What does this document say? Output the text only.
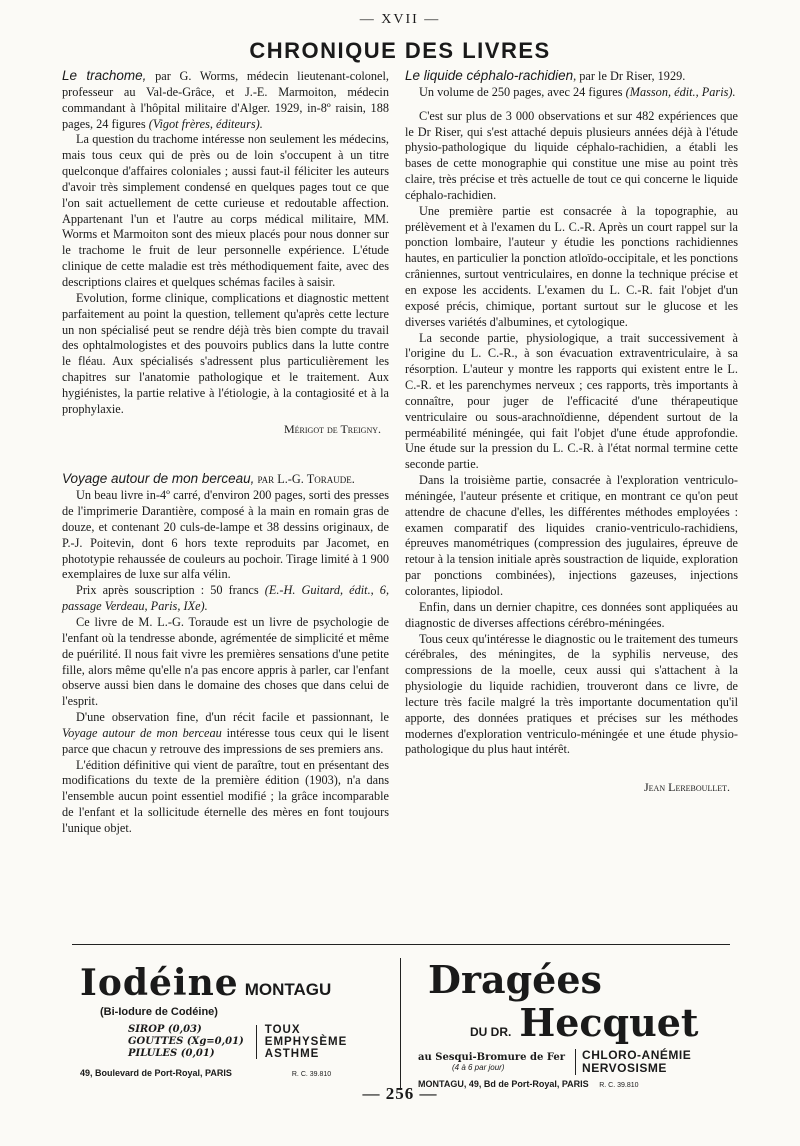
— XVII —
CHRONIQUE DES LIVRES

Le trachome, par G. Worms, médecin lieutenant-colonel, professeur au Val-de-Grâce, et J.-E. Marmoiton, médecin commandant à l'hôpital militaire d'Alger. 1929, in-8º raisin, 188 pages, 24 figures (Vigot frères, éditeurs).

La question du trachome intéresse non seulement les médecins, mais tous ceux qui de près ou de loin s'occupent à un titre quelconque d'affaires coloniales ; aussi faut-il féliciter les auteurs d'avoir très simplement condensé en quelques pages tout ce que l'on sait actuellement de cette curieuse et redoutable affection. Appartenant l'un et l'autre au corps médical militaire, MM. Worms et Marmoiton sont des mieux placés pour nous donner sur le trachome le fruit de leur personnelle expérience. L'étude clinique de cette maladie est très méthodiquement faite, avec des descriptions claires et quelques schémas faciles à saisir.

Evolution, forme clinique, complications et diagnostic mettent parfaitement au point la question, tellement qu'après cette lecture un non spécialisé peut se rendre déjà très bien compte du travail des ophtalmologistes et des pouvoirs publics dans la lutte contre le fléau. Aux spécialisés s'adressent plus particulièrement les chapitres sur l'anatomie pathologique et le traitement. Aux hygiénistes, la partie relative à l'étiologie, à la contagiosité et à la prophylaxie.

Mérigot de Treigny.

Voyage autour de mon berceau, par L.-G. Toraude.

Un beau livre in-4º carré, d'environ 200 pages, sorti des presses de l'imprimerie Darantière, composé à la main en romain gras de douze, et contenant 20 culs-de-lampe et 38 dessins originaux, de P.-J. Poitevin, dont 6 hors texte reproduits par Jacomet, en phototypie rehaussée de couleurs au pochoir. Tirage limité à 1 900 exemplaires de luxe sur alfa vélin.

Prix après souscription : 50 francs (E.-H. Guitard, édit., 6, passage Verdeau, Paris, IXe).

Ce livre de M. L.-G. Toraude est un livre de psychologie de l'enfant où la tendresse abonde, agrémentée de simplicité et même de puérilité. Il nous fait vivre les premières sensations d'une petite fille, alors même qu'elle n'a pas encore appris à parler, car l'enfant observe aussi bien dans le domaine des choses que dans celui de l'esprit.

D'une observation fine, d'un récit facile et passionnant, le Voyage autour de mon berceau intéresse tous ceux qui le lisent parce que chacun y retrouve des impressions de ses premiers ans.

L'édition définitive qui vient de paraître, tout en présentant des modifications du texte de la première édition (1903), n'a dans l'ensemble aucun point essentiel modifié ; la grâce incomparable de l'enfant et la sollicitude éternelle des mères en font toujours l'unique objet.

Le liquide céphalo-rachidien, par le Dr Riser, 1929.

Un volume de 250 pages, avec 24 figures (Masson, édit., Paris).

C'est sur plus de 3 000 observations et sur 482 expériences que le Dr Riser, qui s'est attaché depuis plusieurs années déjà à l'étude physio-pathologique du liquide céphalo-rachidien, a établi les bases de cette monographie qui constitue une mise au point très claire, très précise et très actuelle de tout ce qui concerne le liquide céphalo-rachidien.

Une première partie est consacrée à la topographie, au prélèvement et à l'examen du L. C.-R. Après un court rappel sur la ponction lombaire, l'auteur y étudie les ponctions rachidiennes hautes, en particulier la ponction atloïdo-occipitale, et les ponctions crâniennes, surtout ventriculaires, en donne la technique précise et en expose les accidents. L'examen du L. C.-R. fait l'objet d'un exposé précis, chimique, portant surtout sur le glucose et les diverses variétés d'albumines, et cytologique.

La seconde partie, physiologique, a trait successivement à l'origine du L. C.-R., à son évacuation extraventriculaire, à sa résorption. L'auteur y montre les rapports qui existent entre le L. C.-R. et les parenchymes nerveux ; ces rapports, très importants à connaître, pour juger de l'efficacité d'une thérapeutique ventriculaire ou sous-arachnoïdienne, dépendent surtout de la perméabilité méningée, qui fait l'objet d'une étude approfondie. Une étude sur la pression du L. C.-R. à l'état normal termine cette seconde partie.

Dans la troisième partie, consacrée à l'exploration ventriculo-méningée, l'auteur présente et critique, en montrant ce qu'on peut attendre de chacune d'elles, les différentes méthodes employées : examen comparatif des liquides cranio-ventriculo-rachidiens, épreuves manométriques (compression des jugulaires, épreuve de retour à la tension initiale après soustraction de liquide, exploration par ponctions combinées), injections gazeuses, injections colorantes, lipiodol.

Enfin, dans un dernier chapitre, ces données sont appliquées au diagnostic de diverses affections cérébro-méningées.

Tous ceux qu'intéresse le diagnostic ou le traitement des tumeurs cérébrales, des méningites, de la syphilis nerveuse, des compressions de la moelle, ceux aussi qui s'attachent à la physiologie du liquide rachidien, trouveront dans ce livre, de lecture très facile malgré la très importante documentation qu'il apporte, des données pratiques et précises sur les méthodes modernes d'exploration ventriculo-méningée et une étude physio-pathologique du plus haut intérêt.

Jean Lereboullet.
Iodéine MONTAGU
(Bi-Iodure de Codéine)
SIROP (0,03)
GOUTTES (Xg=0,01)
PILULES (0,01)
TOUX
EMPHYSÈME
ASTHME
49, Boulevard de Port-Royal, PARIS	R. C. 39.810
Dragées
DU DR. Hecquet
au Sesqui-Bromure de Fer
(4 à 6 par jour)
CHLORO-ANÉMIE
NERVOSISME
MONTAGU, 49, Bd de Port-Royal, PARIS R. C. 39.810
— 256 —
